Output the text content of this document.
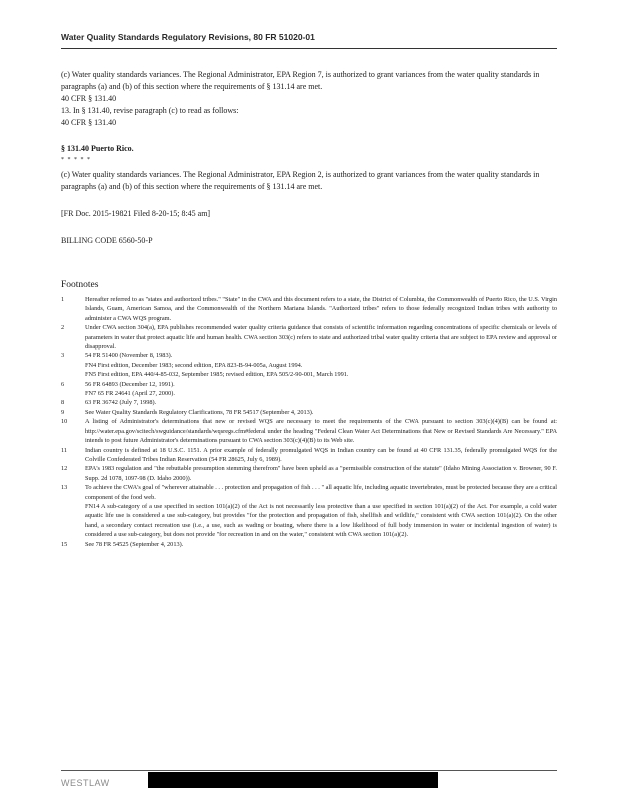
Water Quality Standards Regulatory Revisions, 80 FR 51020-01

(c) Water quality standards variances. The Regional Administrator, EPA Region 7, is authorized to grant variances from the water quality standards in paragraphs (a) and (b) of this section where the requirements of § 131.14 are met.

40 CFR § 131.40

13. In § 131.40, revise paragraph (c) to read as follows:

40 CFR § 131.40

§ 131.40 Puerto Rico.

* * * * *

(c) Water quality standards variances. The Regional Administrator, EPA Region 2, is authorized to grant variances from the water quality standards in paragraphs (a) and (b) of this section where the requirements of § 131.14 are met.

[FR Doc. 2015-19821 Filed 8-20-15; 8:45 am]

BILLING CODE 6560-50-P

Footnotes
1	Hereafter referred to as "states and authorized tribes." "State" in the CWA and this document refers to a state, the District of Columbia, the Commonwealth of Puerto Rico, the U.S. Virgin Islands, Guam, American Samoa, and the Commonwealth of the Northern Mariana Islands. "Authorized tribes" refers to those federally recognized Indian tribes with authority to administer a CWA WQS program.
2	Under CWA section 304(a), EPA publishes recommended water quality criteria guidance that consists of scientific information regarding concentrations of specific chemicals or levels of parameters in water that protect aquatic life and human health. CWA section 303(c) refers to state and authorized tribal water quality criteria that are subject to EPA review and approval or disapproval.
3	54 FR 51400 (November 8, 1983).
FN4 First edition, December 1983; second edition, EPA 823-B-94-005a, August 1994.
FN5 First edition, EPA 440/4-85-032, September 1985; revised edition, EPA 505/2-90-001, March 1991.
6	56 FR 64893 (December 12, 1991).
FN7 65 FR 24641 (April 27, 2000).
8	63 FR 36742 (July 7, 1998).
9	See Water Quality Standards Regulatory Clarifications, 78 FR 54517 (September 4, 2013).
10	A listing of Administrator's determinations that new or revised WQS are necessary to meet the requirements of the CWA pursuant to section 303(c)(4)(B) can be found at: http://water.epa.gov/scitech/swguidance/standards/wqsregs.cfm#federal under the heading "Federal Clean Water Act Determinations that New or Revised Standards Are Necessary." EPA intends to post future Administrator's determinations pursuant to CWA section 303(c)(4)(B) to its Web site.
11	Indian country is defined at 18 U.S.C. 1151. A prior example of federally promulgated WQS in Indian country can be found at 40 CFR 131.35, federally promulgated WQS for the Colville Confederated Tribes Indian Reservation (54 FR 28625, July 6, 1989).
12	EPA's 1983 regulation and "the rebuttable presumption stemming therefrom" have been upheld as a "permissible construction of the statute" (Idaho Mining Association v. Browner, 90 F. Supp. 2d 1078, 1097-98 (D. Idaho 2000)).
13	To achieve the CWA's goal of "wherever attainable . . . protection and propagation of fish . . . " all aquatic life, including aquatic invertebrates, must be protected because they are a critical component of the food web.
FN14 A sub-category of a use specified in section 101(a)(2) of the Act is not necessarily less protective than a use specified in section 101(a)(2) of the Act. For example, a cold water aquatic life use is considered a use sub-category, but provides "for the protection and propagation of fish, shellfish and wildlife," consistent with CWA section 101(a)(2). On the other hand, a secondary contact recreation use (i.e., a use, such as wading or boating, where there is a low likelihood of full body immersion in water or incidental ingestion of water) is considered a use sub-category, but does not provide "for recreation in and on the water," consistent with CWA section 101(a)(2).
15	See 78 FR 54525 (September 4, 2013).
WESTLAW
